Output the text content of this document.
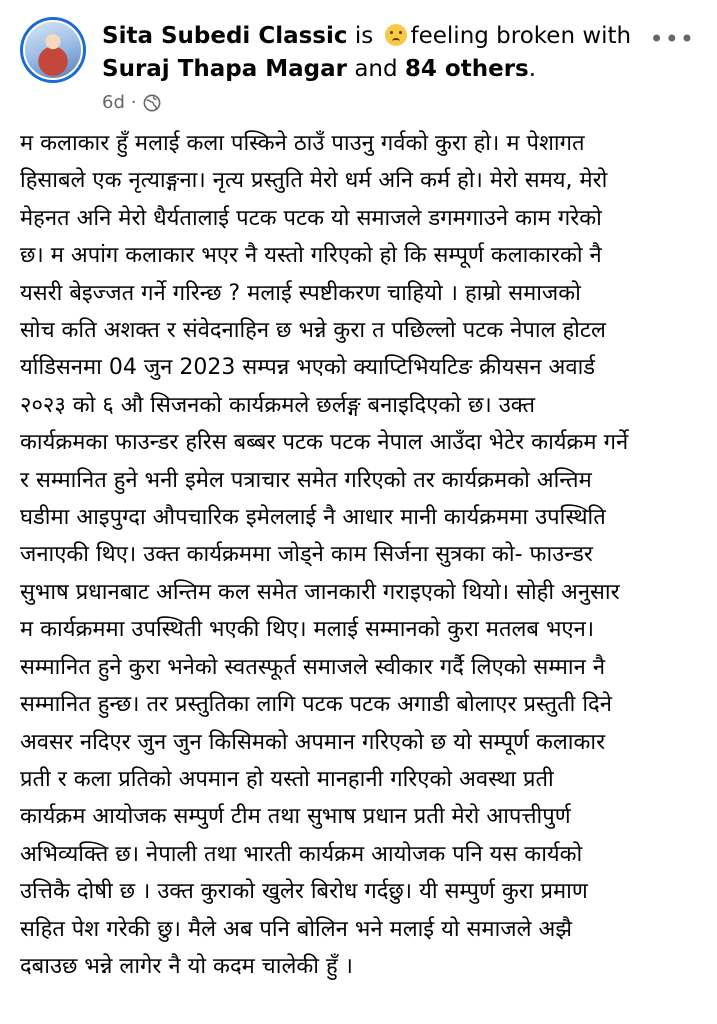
Sita Subedi Classic is feeling broken with Suraj Thapa Magar and 84 others.
6d ·
•••
म कलाकार हुँ मलाई कला पस्किने ठाउँ पाउनु गर्वको कुरा हो। म पेशागत
हिसाबले एक नृत्याङ्गना। नृत्य प्रस्तुति मेरो धर्म अनि कर्म हो। मेरो समय, मेरो
मेहनत अनि मेरो धैर्यतालाई पटक पटक यो समाजले डगमगाउने काम गरेको
छ। म अपांग कलाकार भएर नै यस्तो गरिएको हो कि सम्पूर्ण कलाकारको नै
यसरी बेइज्जत गर्ने गरिन्छ ? मलाई स्पष्टीकरण चाहियो । हाम्रो समाजको
सोच कति अशक्त र संवेदनाहिन छ भन्ने कुरा त पछिल्लो पटक नेपाल होटल
र्याडिसनमा 04 जुन 2023 सम्पन्न भएको क्याप्टिभियटिङ क्रीयसन अवार्ड
२०२३ को ६ औ सिजनको कार्यक्रमले छर्लङ्ग बनाइदिएको छ। उक्त
कार्यक्रमका फाउन्डर हरिस बब्बर पटक पटक नेपाल आउँदा भेटेर कार्यक्रम गर्ने
र सम्मानित हुने भनी इमेल पत्राचार समेत गरिएको तर कार्यक्रमको अन्तिम
घडीमा आइपुग्दा औपचारिक इमेललाई नै आधार मानी कार्यक्रममा उपस्थिति
जनाएकी थिए। उक्त कार्यक्रममा जोड्ने काम सिर्जना सुत्रका को- फाउन्डर
सुभाष प्रधानबाट अन्तिम कल समेत जानकारी गराइएको थियो। सोही अनुसार
म कार्यक्रममा उपस्थिती भएकी थिए। मलाई सम्मानको कुरा मतलब भएन।
सम्मानित हुने कुरा भनेको स्वतस्फूर्त समाजले स्वीकार गर्दै लिएको सम्मान नै
सम्मानित हुन्छ। तर प्रस्तुतिका लागि पटक पटक अगाडी बोलाएर प्रस्तुती दिने
अवसर नदिएर जुन जुन किसिमको अपमान गरिएको छ यो सम्पूर्ण कलाकार
प्रती र कला प्रतिको अपमान हो यस्तो मानहानी गरिएको अवस्था प्रती
कार्यक्रम आयोजक सम्पुर्ण टीम तथा सुभाष प्रधान प्रती मेरो आपत्तीपुर्ण
अभिव्यक्ति छ। नेपाली तथा भारती कार्यक्रम आयोजक पनि यस कार्यको
उत्तिकै दोषी छ । उक्त कुराको खुलेर बिरोध गर्दछु। यी सम्पुर्ण कुरा प्रमाण
सहित पेश गरेकी छु। मैले अब पनि बोलिन भने मलाई यो समाजले अझै
दबाउछ भन्ने लागेर नै यो कदम चालेकी हुँ ।
